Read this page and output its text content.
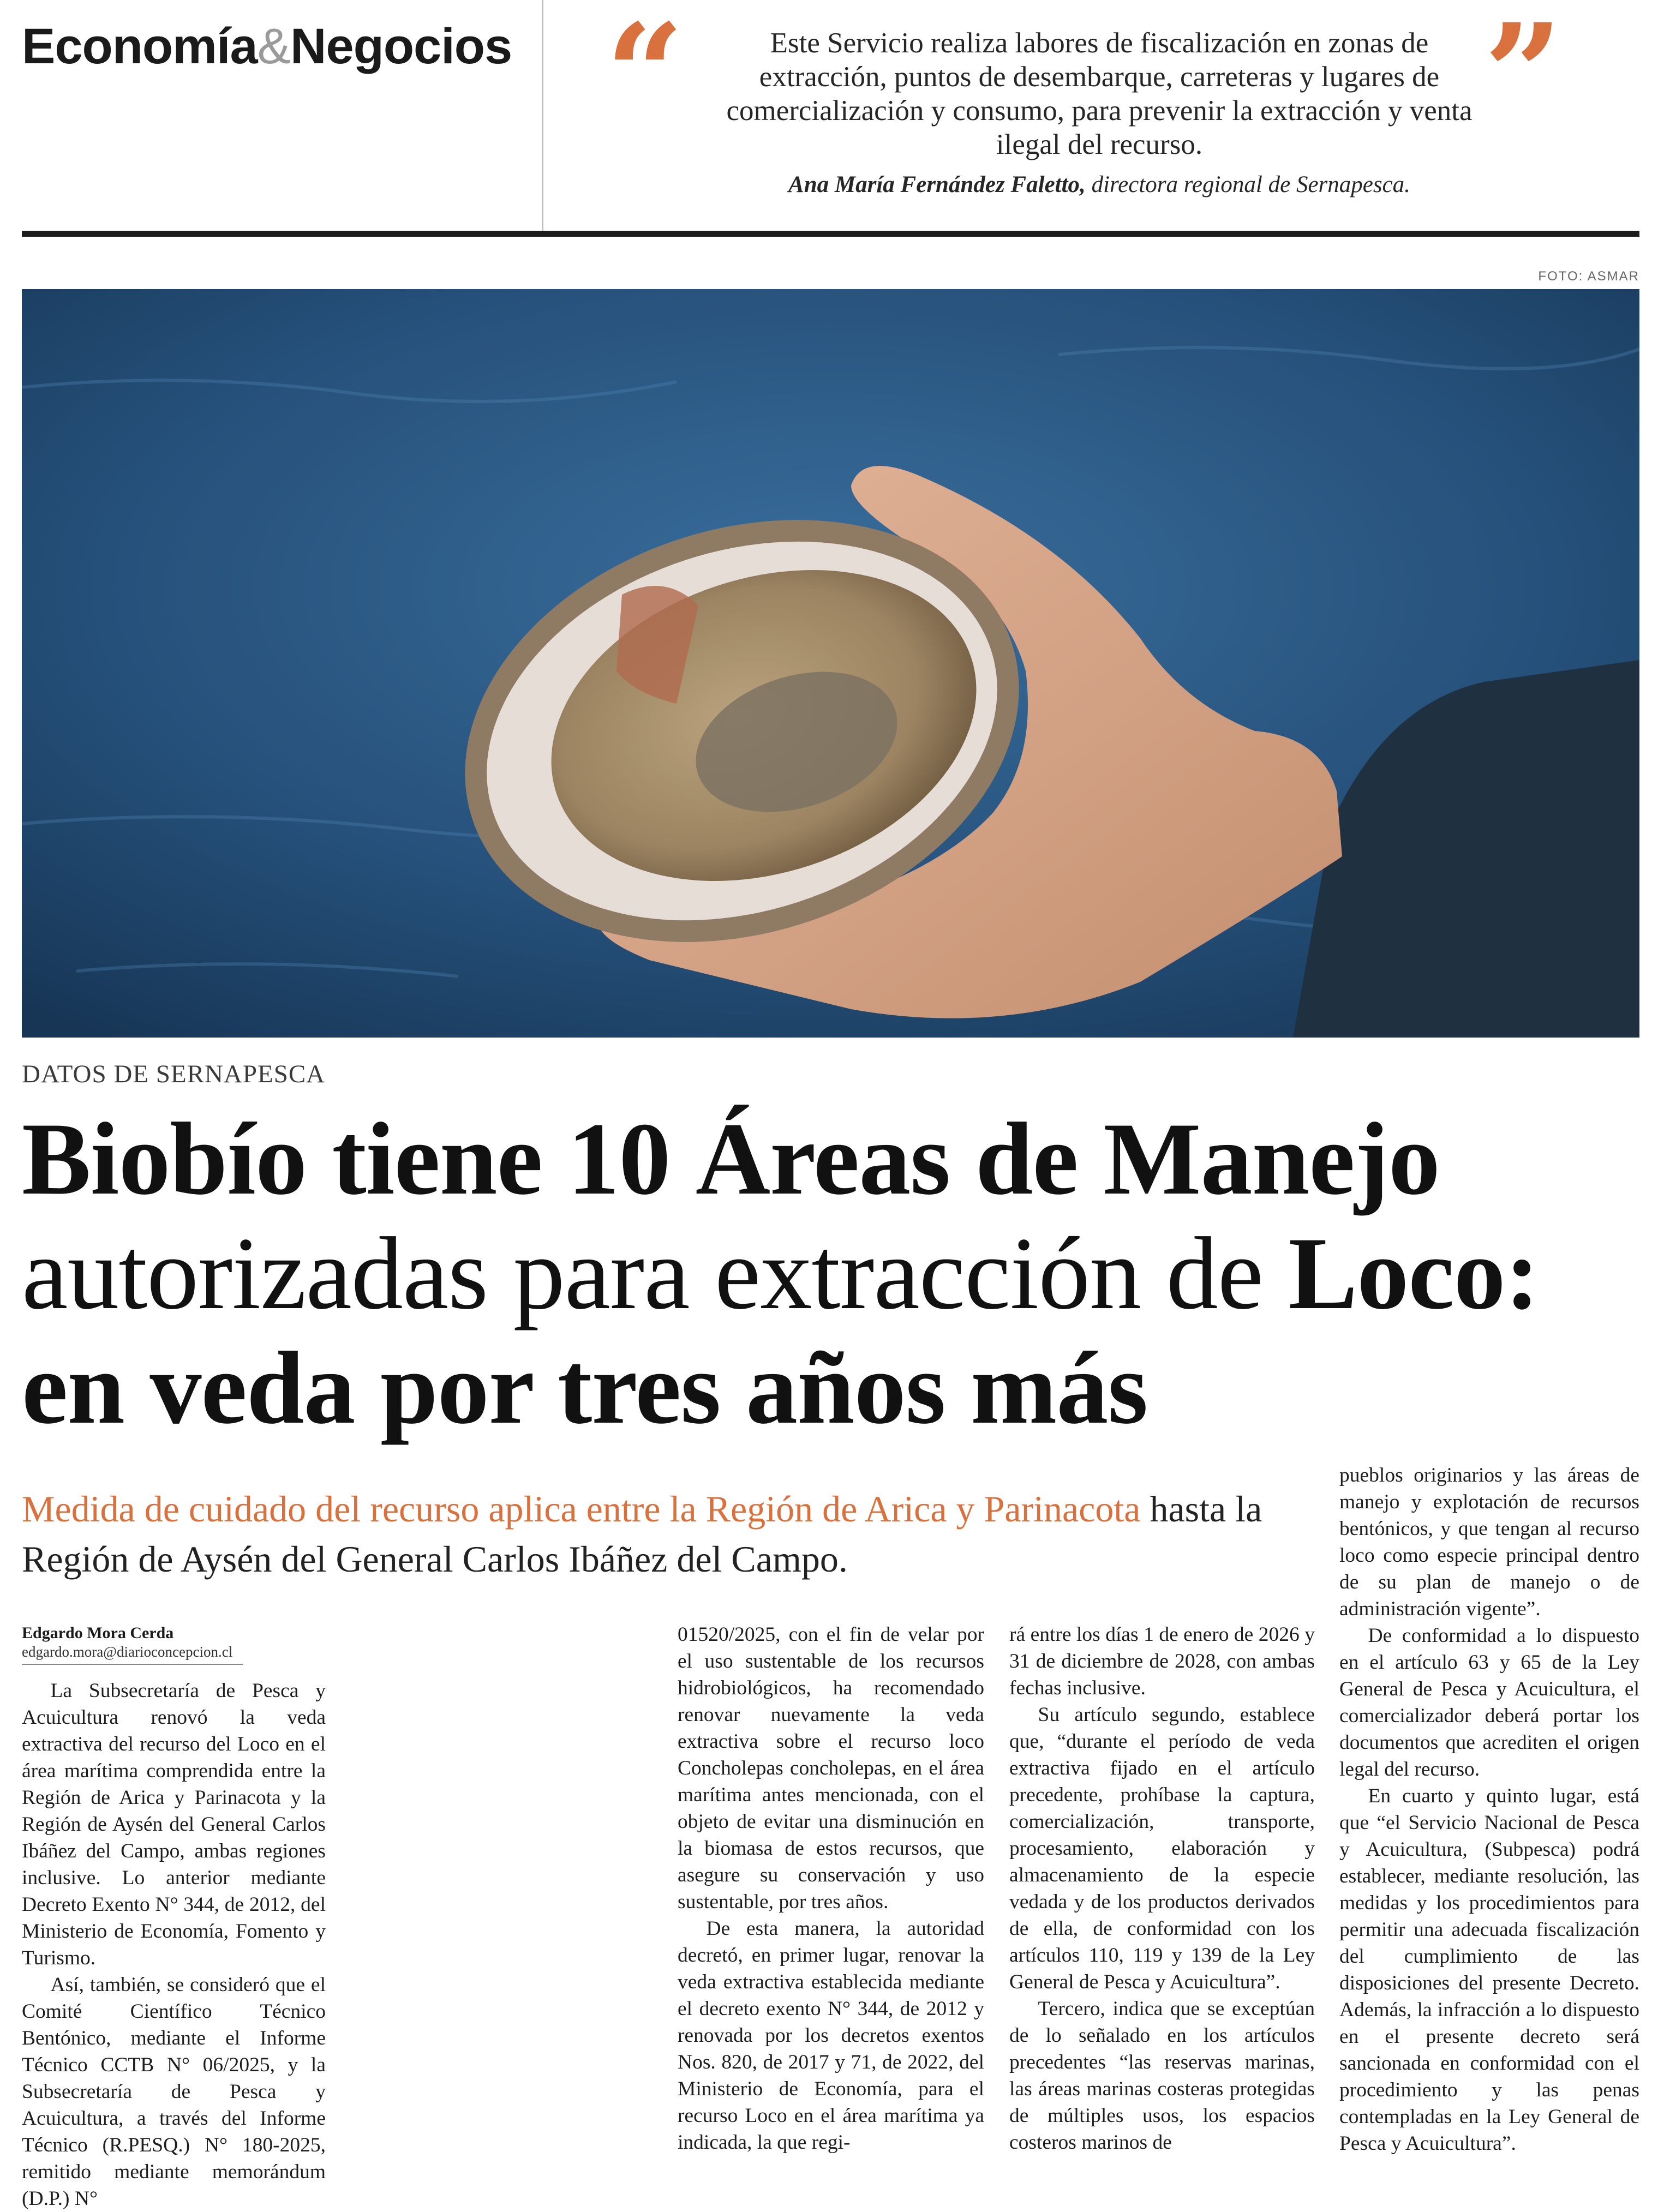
Economía&Negocios “	Este Servicio realiza labores de fiscalización en zonas de extracción, puntos de desembarque, carreteras y lugares de comercialización y consumo, para prevenir la extracción y venta ilegal del recurso.
Ana María Fernández Faletto, directora regional de Sernapesca.
”
FOTO: ASMAR
DATOS DE SERNAPESCA
Biobío tiene 10 Áreas de Manejo
autorizadas para extracción de Loco:
en veda por tres años más
Medida de cuidado del recurso aplica entre la Región de Arica y Parinacota hasta la Región de Aysén del General Carlos Ibáñez del Campo.
Edgardo Mora Cerda
edgardo.mora@diarioconcepcion.cl

La Subsecretaría de Pesca y Acuicultura renovó la veda extractiva del recurso del Loco en el área marítima comprendida entre la Región de Arica y Parinacota y la Región de Aysén del General Carlos Ibáñez del Campo, ambas regiones inclusive. Lo anterior mediante Decreto Exento N° 344, de 2012, del Ministerio de Economía, Fomento y Turismo.

Así, también, se consideró que el Comité Científico Técnico Bentónico, mediante el Informe Técnico CCTB N° 06/2025, y la Subsecretaría de Pesca y Acuicultura, a través del Informe Técnico (R.PESQ.) N° 180-2025, remitido mediante memorándum (D.P.) N°

01520/2025, con el fin de velar por el uso sustentable de los recursos hidrobiológicos, ha recomendado renovar nuevamente la veda extractiva sobre el recurso loco Concholepas concholepas, en el área marítima antes mencionada, con el objeto de evitar una disminución en la biomasa de estos recursos, que asegure su conservación y uso sustentable, por tres años.

De esta manera, la autoridad decretó, en primer lugar, renovar la veda extractiva establecida mediante el decreto exento N° 344, de 2012 y renovada por los decretos exentos Nos. 820, de 2017 y 71, de 2022, del Ministerio de Economía, para el recurso Loco en el área marítima ya indicada, la que regi-

rá entre los días 1 de enero de 2026 y 31 de diciembre de 2028, con ambas fechas inclusive.

Su artículo segundo, establece que, “durante el período de veda extractiva fijado en el artículo precedente, prohíbase la captura, comercialización, transporte, procesamiento, elaboración y almacenamiento de la especie vedada y de los productos derivados de ella, de conformidad con los artículos 110, 119 y 139 de la Ley General de Pesca y Acuicultura”.

Tercero, indica que se exceptúan de lo señalado en los artículos precedentes “las reservas marinas, las áreas marinas costeras protegidas de múltiples usos, los espacios costeros marinos de

pueblos originarios y las áreas de manejo y explotación de recursos bentónicos, y que tengan al recurso loco como especie principal dentro de su plan de manejo o de administración vigente”.

De conformidad a lo dispuesto en el artículo 63 y 65 de la Ley General de Pesca y Acuicultura, el comercializador deberá portar los documentos que acrediten el origen legal del recurso.

En cuarto y quinto lugar, está que “el Servicio Nacional de Pesca y Acuicultura, (Subpesca) podrá establecer, mediante resolución, las medidas y los procedimientos para permitir una adecuada fiscalización del cumplimiento de las disposiciones del presente Decreto. Además, la infracción a lo dispuesto en el presente decreto será sancionada en conformidad con el procedimiento y las penas contempladas en la Ley General de Pesca y Acuicultura”.
